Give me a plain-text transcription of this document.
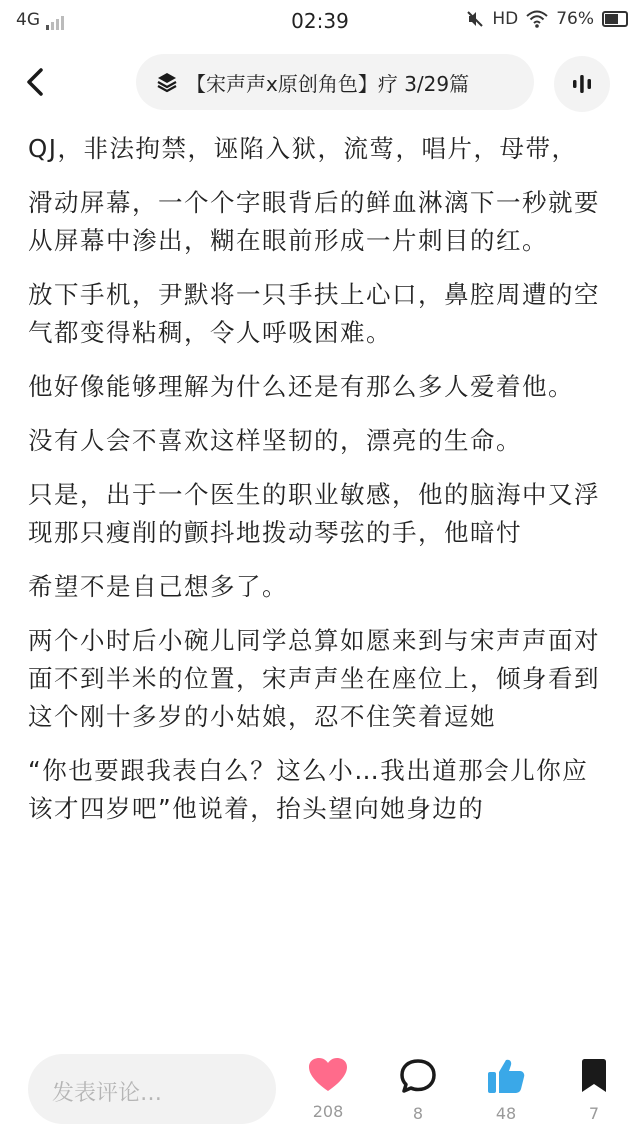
4G	02:39	HD 76%
【宋声声x原创角色】疗 3/29篇

QJ，非法拘禁，诬陷入狱，流莺，唱片，母带，

滑动屏幕，一个个字眼背后的鲜血淋漓下一秒就要从屏幕中渗出，糊在眼前形成一片刺目的红。

放下手机，尹默将一只手扶上心口，鼻腔周遭的空气都变得粘稠，令人呼吸困难。

他好像能够理解为什么还是有那么多人爱着他。

没有人会不喜欢这样坚韧的，漂亮的生命。

只是，出于一个医生的职业敏感，他的脑海中又浮现那只瘦削的颤抖地拨动琴弦的手，他暗忖

希望不是自己想多了。

两个小时后小碗儿同学总算如愿来到与宋声声面对面不到半米的位置，宋声声坐在座位上，倾身看到这个刚十多岁的小姑娘，忍不住笑着逗她

“你也要跟我表白么？这么小…我出道那会儿你应该才四岁吧”他说着，抬头望向她身边的

发表评论…
208	8	48	7
